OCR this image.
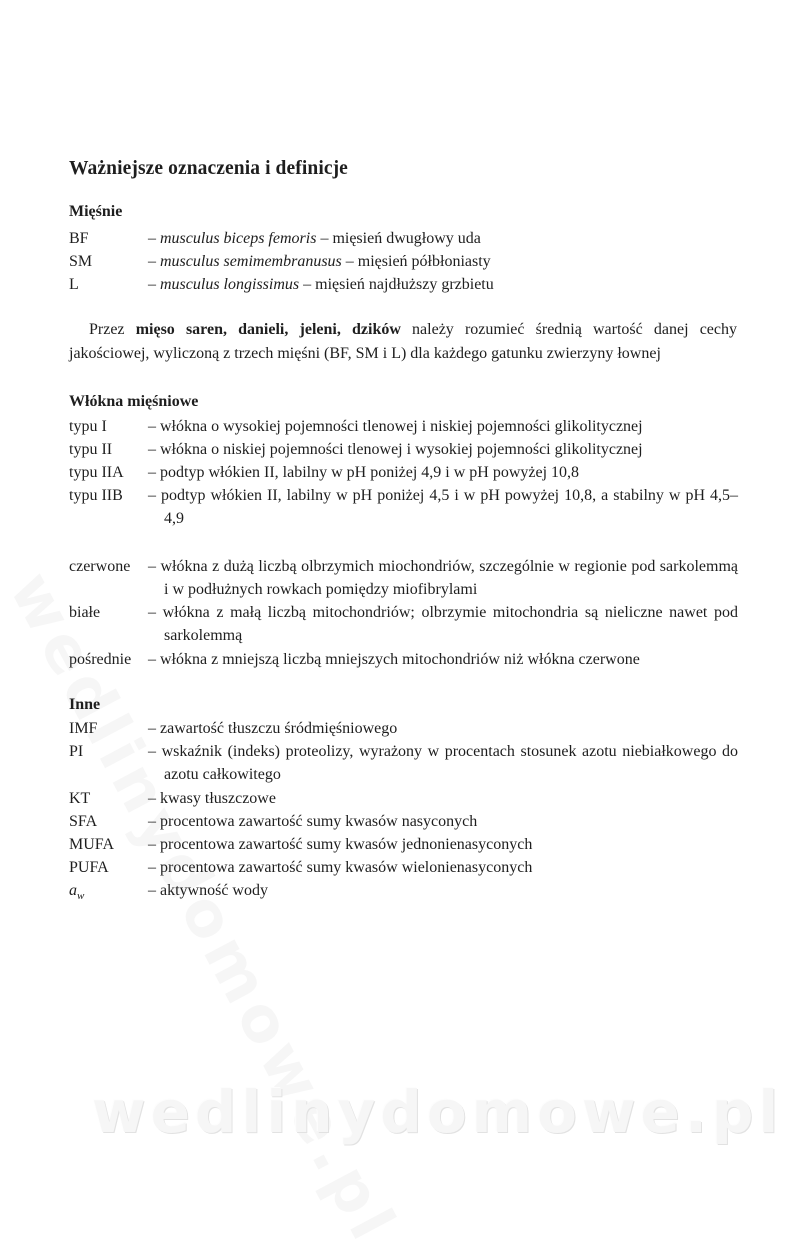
wedlinydomowe.pl
Ważniejsze oznaczenia i definicje
Mięśnie
BF	– musculus biceps femoris – mięsień dwugłowy uda
SM	– musculus semimembranusus – mięsień półbłoniasty
L	– musculus longissimus – mięsień najdłuższy grzbietu
Przez mięso saren, danieli, jeleni, dzików należy rozumieć średnią wartość danej cechy jakościowej, wyliczoną z trzech mięśni (BF, SM i L) dla każdego gatunku zwierzyny łownej
Włókna mięśniowe
typu I	– włókna o wysokiej pojemności tlenowej i niskiej pojemności glikolitycznej
typu II – włókna o niskiej pojemności tlenowej i wysokiej pojemności glikolitycznej
typu IIA – podtyp włókien II, labilny w pH poniżej 4,9 i w pH powyżej 10,8
typu IIB – podtyp włókien II, labilny w pH poniżej 4,5 i w pH powyżej 10,8, a stabilny w pH 4,5–4,9
czerwone – włókna z dużą liczbą olbrzymich miochondriów, szczególnie w regionie pod sarkolemmą i w podłużnych rowkach pomiędzy miofibrylami
białe	– włókna z małą liczbą mitochondriów; olbrzymie mitochondria są nieliczne nawet pod sarkolemmą
pośrednie – włókna z mniejszą liczbą mniejszych mitochondriów niż włókna czerwone
Inne
IMF	– zawartość tłuszczu śródmięśniowego
PI	– wskaźnik (indeks) proteolizy, wyrażony w procentach stosunek azotu niebiałkowego do azotu całkowitego
KT	– kwasy tłuszczowe
SFA	– procentowa zawartość sumy kwasów nasyconych
MUFA – procentowa zawartość sumy kwasów jednonienasyconych
PUFA – procentowa zawartość sumy kwasów wielonienasyconych
$a_w$	– aktywność wody
